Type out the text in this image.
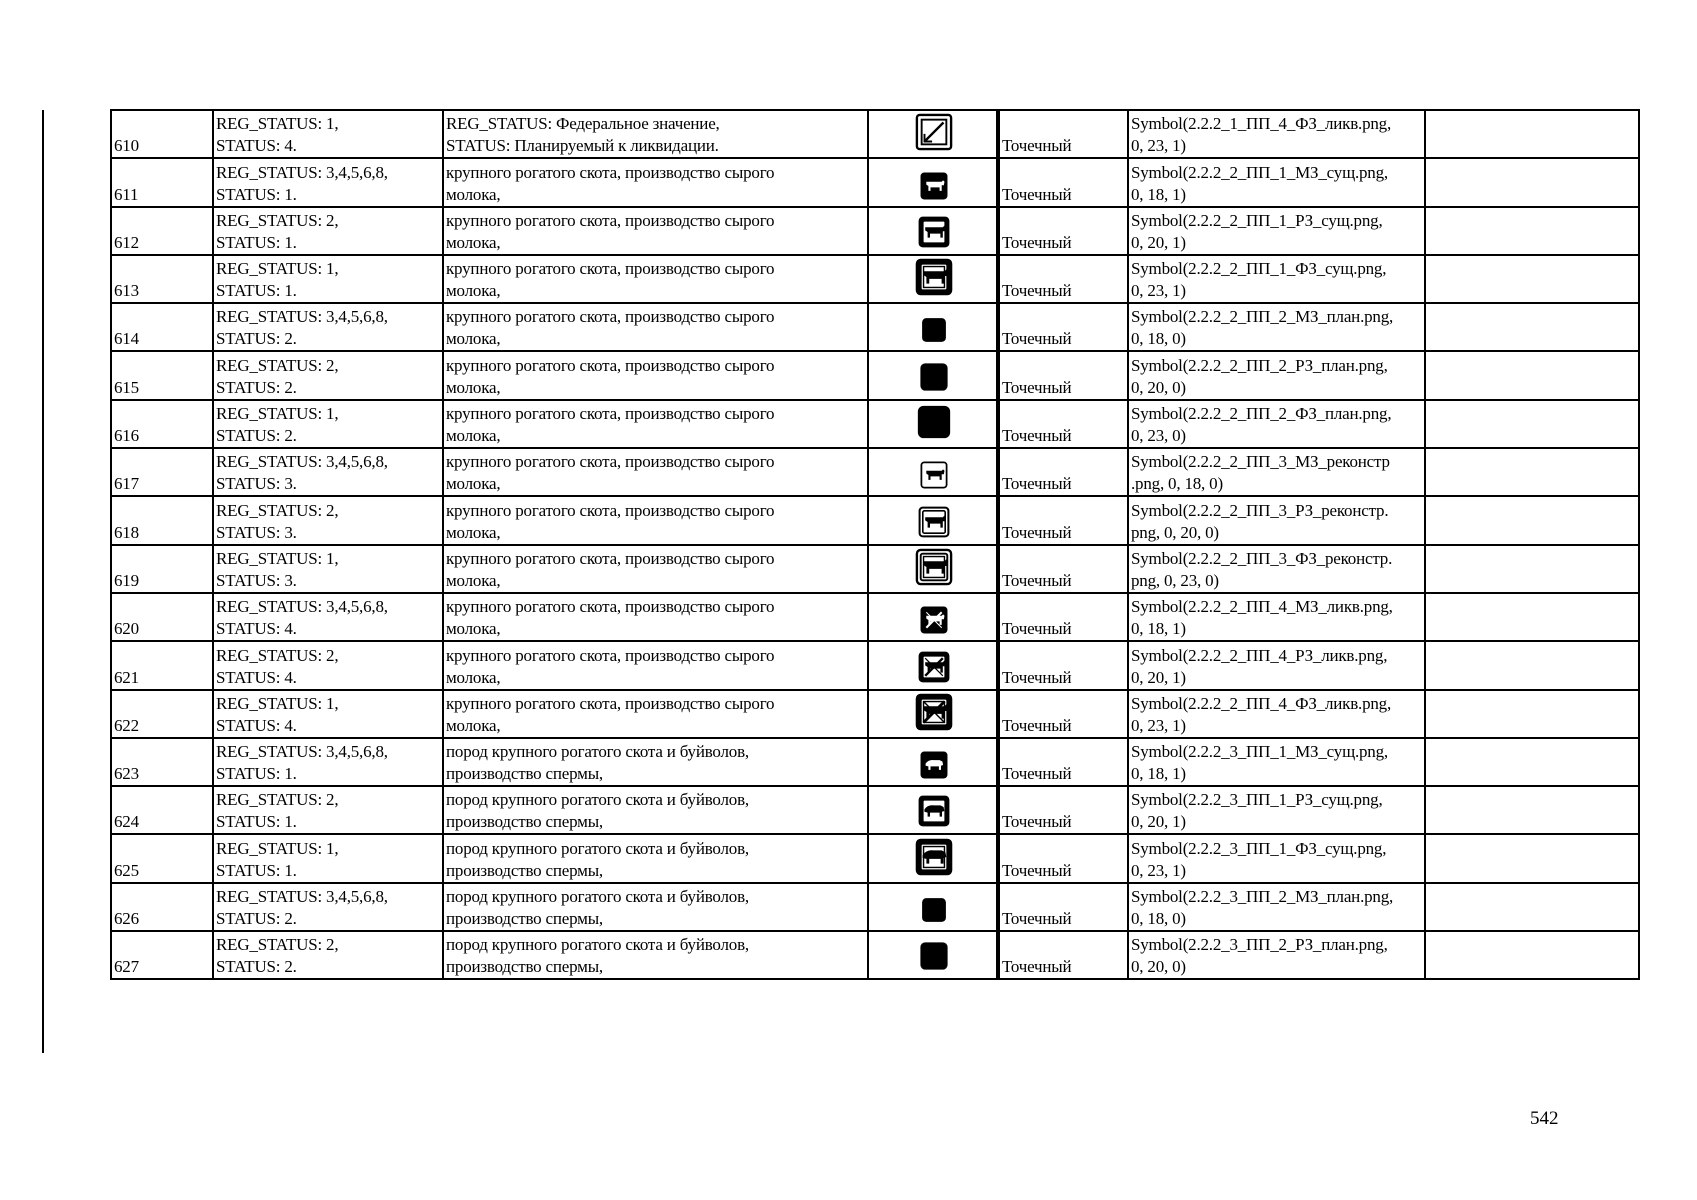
610	REG_STATUS: 1,
STATUS: 4.	REG_STATUS: Федеральное значение,
STATUS: Планируемый к ликвидации.		Точечный	Symbol(2.2.2_1_ПП_4_ФЗ_ликв.png,
0, 23, 1)	

611	REG_STATUS: 3,4,5,6,8,
STATUS: 1.	крупного рогатого скота, производство сырого
молока,		Точечный	Symbol(2.2.2_2_ПП_1_МЗ_сущ.png,
0, 18, 1)	

612	REG_STATUS: 2,
STATUS: 1.	крупного рогатого скота, производство сырого
молока,		Точечный	Symbol(2.2.2_2_ПП_1_РЗ_сущ.png,
0, 20, 1)	

613	REG_STATUS: 1,
STATUS: 1.	крупного рогатого скота, производство сырого
молока,		Точечный	Symbol(2.2.2_2_ПП_1_ФЗ_сущ.png,
0, 23, 1)	

614	REG_STATUS: 3,4,5,6,8,
STATUS: 2.	крупного рогатого скота, производство сырого
молока,		Точечный	Symbol(2.2.2_2_ПП_2_МЗ_план.png,
0, 18, 0)	

615	REG_STATUS: 2,
STATUS: 2.	крупного рогатого скота, производство сырого
молока,		Точечный	Symbol(2.2.2_2_ПП_2_РЗ_план.png,
0, 20, 0)	

616	REG_STATUS: 1,
STATUS: 2.	крупного рогатого скота, производство сырого
молока,		Точечный	Symbol(2.2.2_2_ПП_2_ФЗ_план.png,
0, 23, 0)	

617	REG_STATUS: 3,4,5,6,8,
STATUS: 3.	крупного рогатого скота, производство сырого
молока,		Точечный	Symbol(2.2.2_2_ПП_3_МЗ_реконстр
.png, 0, 18, 0)	

618	REG_STATUS: 2,
STATUS: 3.	крупного рогатого скота, производство сырого
молока,		Точечный	Symbol(2.2.2_2_ПП_3_РЗ_реконстр.
png, 0, 20, 0)	

619	REG_STATUS: 1,
STATUS: 3.	крупного рогатого скота, производство сырого
молока,		Точечный	Symbol(2.2.2_2_ПП_3_ФЗ_реконстр.
png, 0, 23, 0)	

620	REG_STATUS: 3,4,5,6,8,
STATUS: 4.	крупного рогатого скота, производство сырого
молока,		Точечный	Symbol(2.2.2_2_ПП_4_МЗ_ликв.png,
0, 18, 1)	

621	REG_STATUS: 2,
STATUS: 4.	крупного рогатого скота, производство сырого
молока,		Точечный	Symbol(2.2.2_2_ПП_4_РЗ_ликв.png,
0, 20, 1)	

622	REG_STATUS: 1,
STATUS: 4.	крупного рогатого скота, производство сырого
молока,		Точечный	Symbol(2.2.2_2_ПП_4_ФЗ_ликв.png,
0, 23, 1)	

623	REG_STATUS: 3,4,5,6,8,
STATUS: 1.	пород крупного рогатого скота и буйволов,
производство спермы,		Точечный	Symbol(2.2.2_3_ПП_1_МЗ_сущ.png,
0, 18, 1)	

624	REG_STATUS: 2,
STATUS: 1.	пород крупного рогатого скота и буйволов,
производство спермы,		Точечный	Symbol(2.2.2_3_ПП_1_РЗ_сущ.png,
0, 20, 1)	

625	REG_STATUS: 1,
STATUS: 1.	пород крупного рогатого скота и буйволов,
производство спермы,		Точечный	Symbol(2.2.2_3_ПП_1_ФЗ_сущ.png,
0, 23, 1)	

626	REG_STATUS: 3,4,5,6,8,
STATUS: 2.	пород крупного рогатого скота и буйволов,
производство спермы,		Точечный	Symbol(2.2.2_3_ПП_2_МЗ_план.png,
0, 18, 0)	

627	REG_STATUS: 2,
STATUS: 2.	пород крупного рогатого скота и буйволов,
производство спермы,		Точечный	Symbol(2.2.2_3_ПП_2_РЗ_план.png,
0, 20, 0)	

542
